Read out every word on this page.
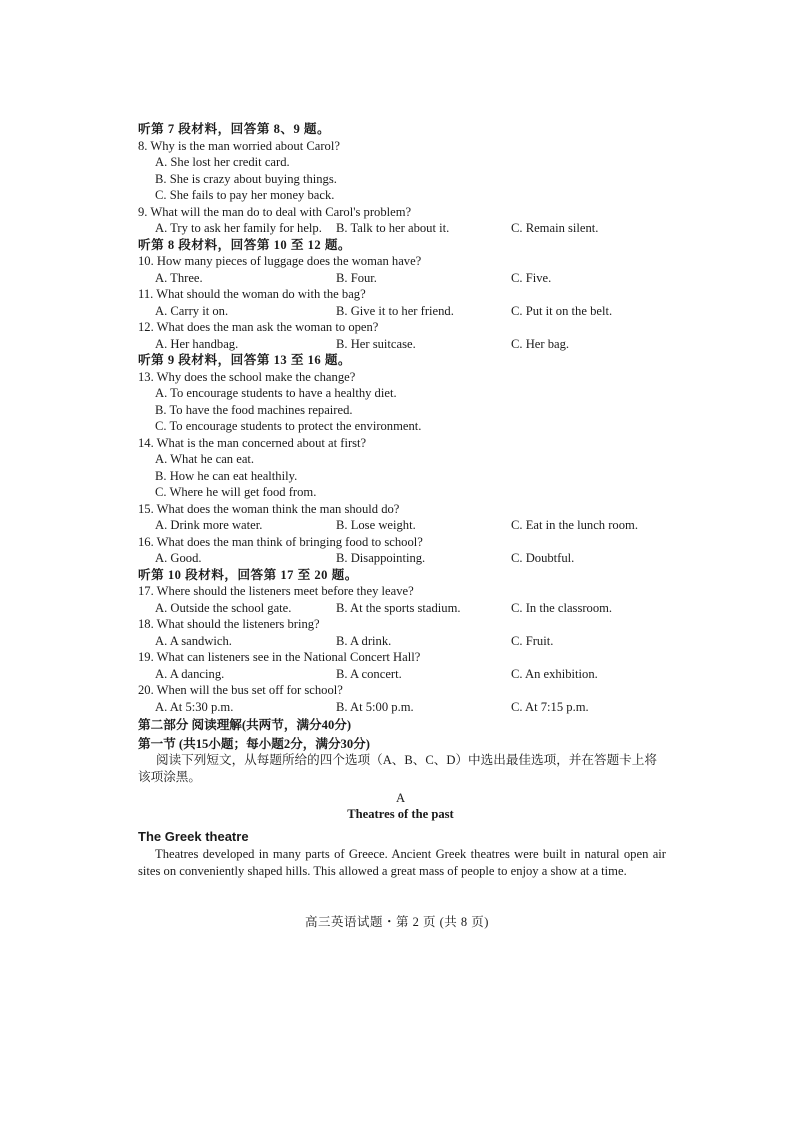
听第 7 段材料，回答第 8、9 题。
8. Why is the man worried about Carol?
A. She lost her credit card.
B. She is crazy about buying things.
C. She fails to pay her money back.
9. What will the man do to deal with Carol's problem?
A. Try to ask her family for help. B. Talk to her about it.	C. Remain silent.
听第 8 段材料，回答第 10 至 12 题。
10. How many pieces of luggage does the woman have?
A. Three.	B. Four.	C. Five.
11. What should the woman do with the bag?
A. Carry it on.	B. Give it to her friend.	C. Put it on the belt.
12. What does the man ask the woman to open?
A. Her handbag.	B. Her suitcase.	C. Her bag.
听第 9 段材料，回答第 13 至 16 题。
13. Why does the school make the change?
A. To encourage students to have a healthy diet.
B. To have the food machines repaired.
C. To encourage students to protect the environment.
14. What is the man concerned about at first?
A. What he can eat.
B. How he can eat healthily.
C. Where he will get food from.
15. What does the woman think the man should do?
A. Drink more water.	B. Lose weight.	C. Eat in the lunch room.
16. What does the man think of bringing food to school?
A. Good.	B. Disappointing.	C. Doubtful.
听第 10 段材料，回答第 17 至 20 题。
17. Where should the listeners meet before they leave?
A. Outside the school gate.	B. At the sports stadium.	C. In the classroom.
18. What should the listeners bring?
A. A sandwich.	B. A drink.	C. Fruit.
19. What can listeners see in the National Concert Hall?
A. A dancing.	B. A concert.	C. An exhibition.
20. When will the bus set off for school?
A. At 5:30 p.m.	B. At 5:00 p.m.	C. At 7:15 p.m.
第二部分 阅读理解(共两节，满分40分)
第一节 (共15小题；每小题2分，满分30分)
阅读下列短文，从每题所给的四个选项（A、B、C、D）中选出最佳选项，并在答题卡上将该项涂黑。
A
Theatres of the past
The Greek theatre
Theatres developed in many parts of Greece. Ancient Greek theatres were built in natural open air sites on conveniently shaped hills. This allowed a great mass of people to enjoy a show at a time.
高三英语试题・第 2 页 (共 8 页)
